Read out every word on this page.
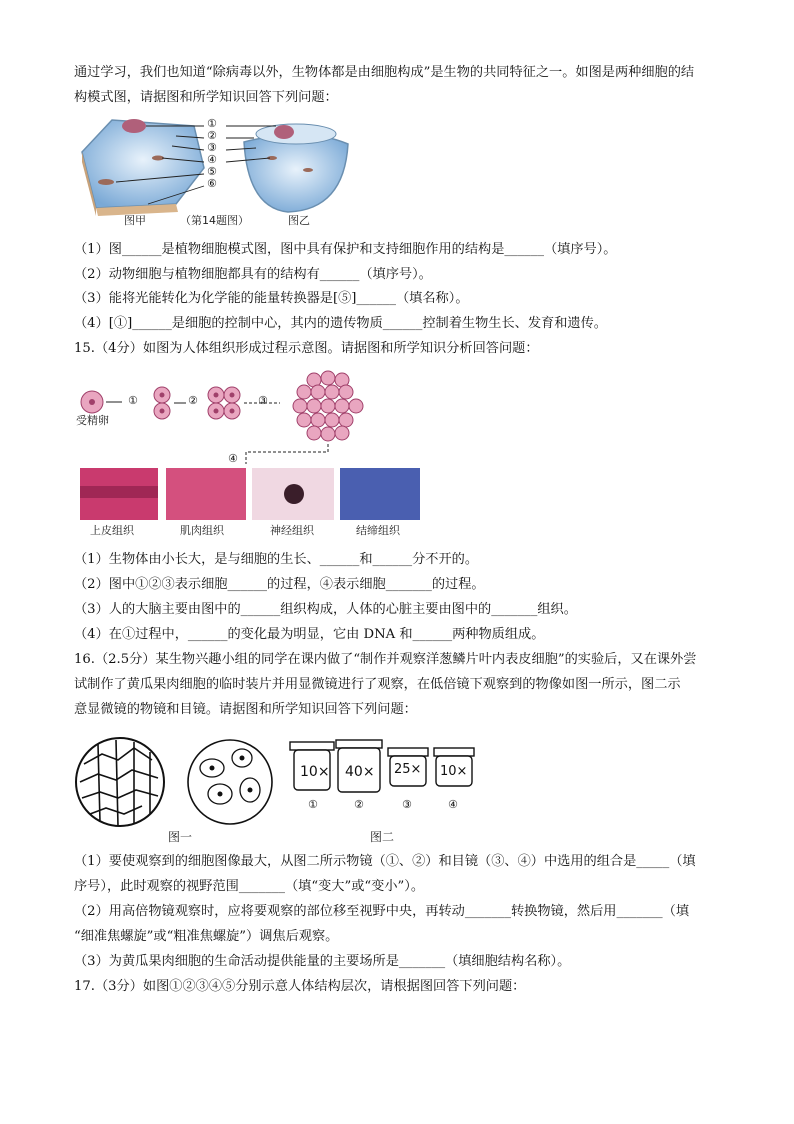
通过学习，我们也知道“除病毒以外，生物体都是由细胞构成”是生物的共同特征之一。如图是两种细胞的结
构模式图，请据图和所学知识回答下列问题：
①
②
③
④
⑤
⑥
图甲	（第14题图）	图乙
（1）图______是植物细胞模式图，图中具有保护和支持细胞作用的结构是______（填序号）。
（2）动物细胞与植物细胞都具有的结构有______（填序号）。
（3）能将光能转化为化学能的能量转换器是[⑤]______（填名称）。
（4）[①]______是细胞的控制中心，其内的遗传物质______控制着生物生长、发育和遗传。
15.（4分）如图为人体组织形成过程示意图。请据图和所学知识分析回答问题：
受精卵
①	②	③
④
上皮组织	肌肉组织	神经组织	结缔组织
（1）生物体由小长大，是与细胞的生长、______和______分不开的。
（2）图中①②③表示细胞______的过程，④表示细胞_______的过程。
（3）人的大脑主要由图中的______组织构成，人体的心脏主要由图中的_______组织。
（4）在①过程中，______的变化最为明显，它由 DNA 和______两种物质组成。
16.（2.5分）某生物兴趣小组的同学在课内做了“制作并观察洋葱鳞片叶内表皮细胞”的实验后，又在课外尝
试制作了黄瓜果肉细胞的临时装片并用显微镜进行了观察，在低倍镜下观察到的物像如图一所示，图二示
意显微镜的物镜和目镜。请据图和所学知识回答下列问题：
10× 40× 25× 10×
①	②	③	④
图一	图二
（1）要使观察到的细胞图像最大，从图二所示物镜（①、②）和目镜（③、④）中选用的组合是_____（填
序号），此时观察的视野范围_______（填“变大”或“变小”）。
（2）用高倍物镜观察时，应将要观察的部位移至视野中央，再转动_______转换物镜，然后用_______（填
“细准焦螺旋”或“粗准焦螺旋”）调焦后观察。
（3）为黄瓜果肉细胞的生命活动提供能量的主要场所是_______（填细胞结构名称）。
17.（3分）如图①②③④⑤分别示意人体结构层次，请根据图回答下列问题：
